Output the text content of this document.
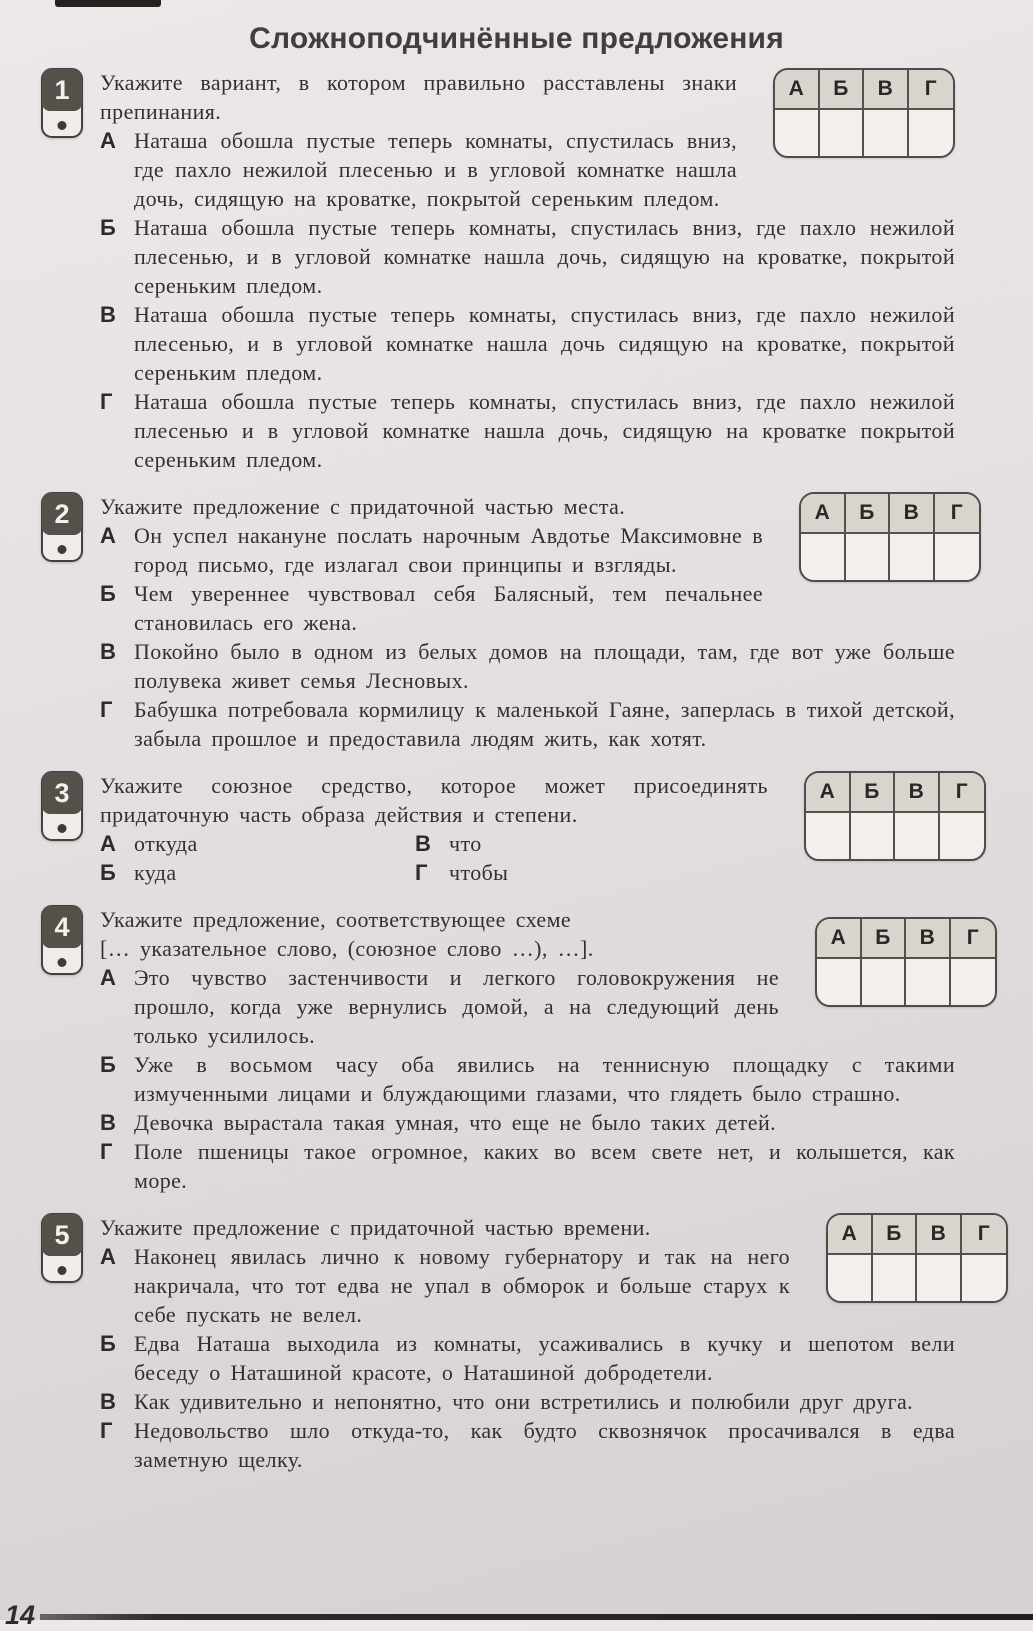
Сложноподчинённые предложения
1	А	Б	В	Г

Укажите вариант, в котором правильно расставлены знаки препинания.

А Наташа обошла пустые теперь комнаты, спустилась вниз, где пахло нежилой плесенью и в угловой комнатке нашла дочь, сидящую на кроватке, покрытой сереньким пледом.

Б Наташа обошла пустые теперь комнаты, спустилась вниз, где пахло нежилой плесенью, и в угловой комнатке нашла дочь, сидящую на кроватке, покрытой сереньким пледом.

В Наташа обошла пустые теперь комнаты, спустилась вниз, где пахло нежилой плесенью, и в угловой комнатке нашла дочь сидящую на кроватке, покрытой сереньким пледом.

Г Наташа обошла пустые теперь комнаты, спустилась вниз, где пахло нежилой плесенью и в угловой комнатке нашла дочь, сидящую на кроватке покрытой сереньким пледом.

2	А	Б	В	Г

Укажите предложение с придаточной частью места.

А Он успел накануне послать нарочным Авдотье Максимовне в город письмо, где излагал свои принципы и взгляды.

Б Чем увереннее чувствовал себя Балясный, тем печальнее становилась его жена.

В Покойно было в одном из белых домов на площади, там, где вот уже больше полувека живет семья Лесновых.

Г Бабушка потребовала кормилицу к маленькой Гаяне, заперлась в тихой детской, забыла прошлое и предоставила людям жить, как хотят.

3	А	Б	В	Г

Укажите союзное средство, которое может присоединять придаточную часть образа действия и степени.

А откуда	В что

Б куда	Г чтобы

4	А	Б	В	Г

Укажите предложение, соответствующее схеме

[… указательное слово, (союзное слово …), …].

А Это чувство застенчивости и легкого головокружения не прошло, когда уже вернулись домой, а на следующий день только усилилось.

Б Уже в восьмом часу оба явились на теннисную площадку с такими измученными лицами и блуждающими глазами, что глядеть было страшно.

В Девочка вырастала такая умная, что еще не было таких детей.

Г Поле пшеницы такое огромное, каких во всем свете нет, и колышется, как море.

5	А	Б	В	Г

Укажите предложение с придаточной частью времени.

А Наконец явилась лично к новому губернатору и так на него накричала, что тот едва не упал в обморок и больше старух к себе пускать не велел.

Б Едва Наташа выходила из комнаты, усаживались в кучку и шепотом вели беседу о Наташиной красоте, о Наташиной добродетели.

В Как удивительно и непонятно, что они встретились и полюбили друг друга.

Г Недовольство шло откуда-то, как будто сквознячок просачивался в едва заметную щелку.

14
